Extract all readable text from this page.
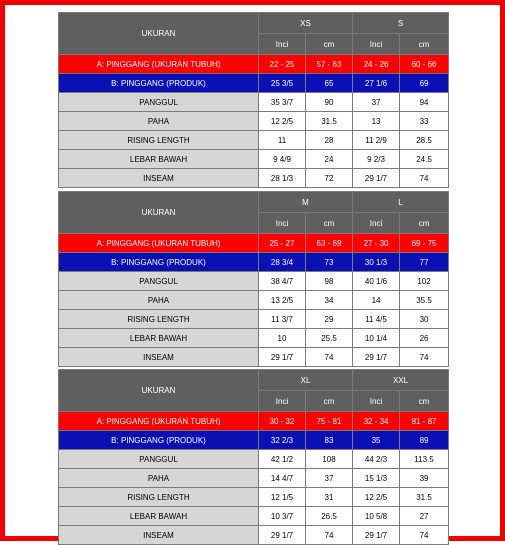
UKURAN	XS		S	
	Inci	cm	Inci	cm
A: PINGGANG (UKURAN TUBUH)	22 - 25	57 - 63	24 - 26	60 - 66
B: PINGGANG (PRODUK)	25 3/5	65	27 1/6	69
PANGGUL	35 3/7	90	37	94
PAHA	12 2/5	31.5	13	33
RISING LENGTH	11	28	11 2/9	28.5
LEBAR BAWAH	9 4/9	24	9 2/3	24.5
INSEAM	28 1/3	72	29 1/7	74
UKURAN	M		L	
	Inci	cm	Inci	cm
A: PINGGANG (UKURAN TUBUH)	25 - 27	63 - 69	27 - 30	69 - 75
B: PINGGANG (PRODUK)	28 3/4	73	30 1/3	77
PANGGUL	38 4/7	98	40 1/6	102
PAHA	13 2/5	34	14	35.5
RISING LENGTH	11 3/7	29	11 4/5	30
LEBAR BAWAH	10	25.5	10 1/4	26
INSEAM	29 1/7	74	29 1/7	74
UKURAN	XL		XXL	
	Inci	cm	Inci	cm
A: PINGGANG (UKURAN TUBUH)	30 - 32	75 - 81	32 - 34	81 - 87
B: PINGGANG (PRODUK)	32 2/3	83	35	89
PANGGUL	42 1/2	108	44 2/3	113.5
PAHA	14 4/7	37	15 1/3	39
RISING LENGTH	12 1/5	31	12 2/5	31.5
LEBAR BAWAH	10 3/7	26.5	10 5/8	27
INSEAM	29 1/7	74	29 1/7	74
